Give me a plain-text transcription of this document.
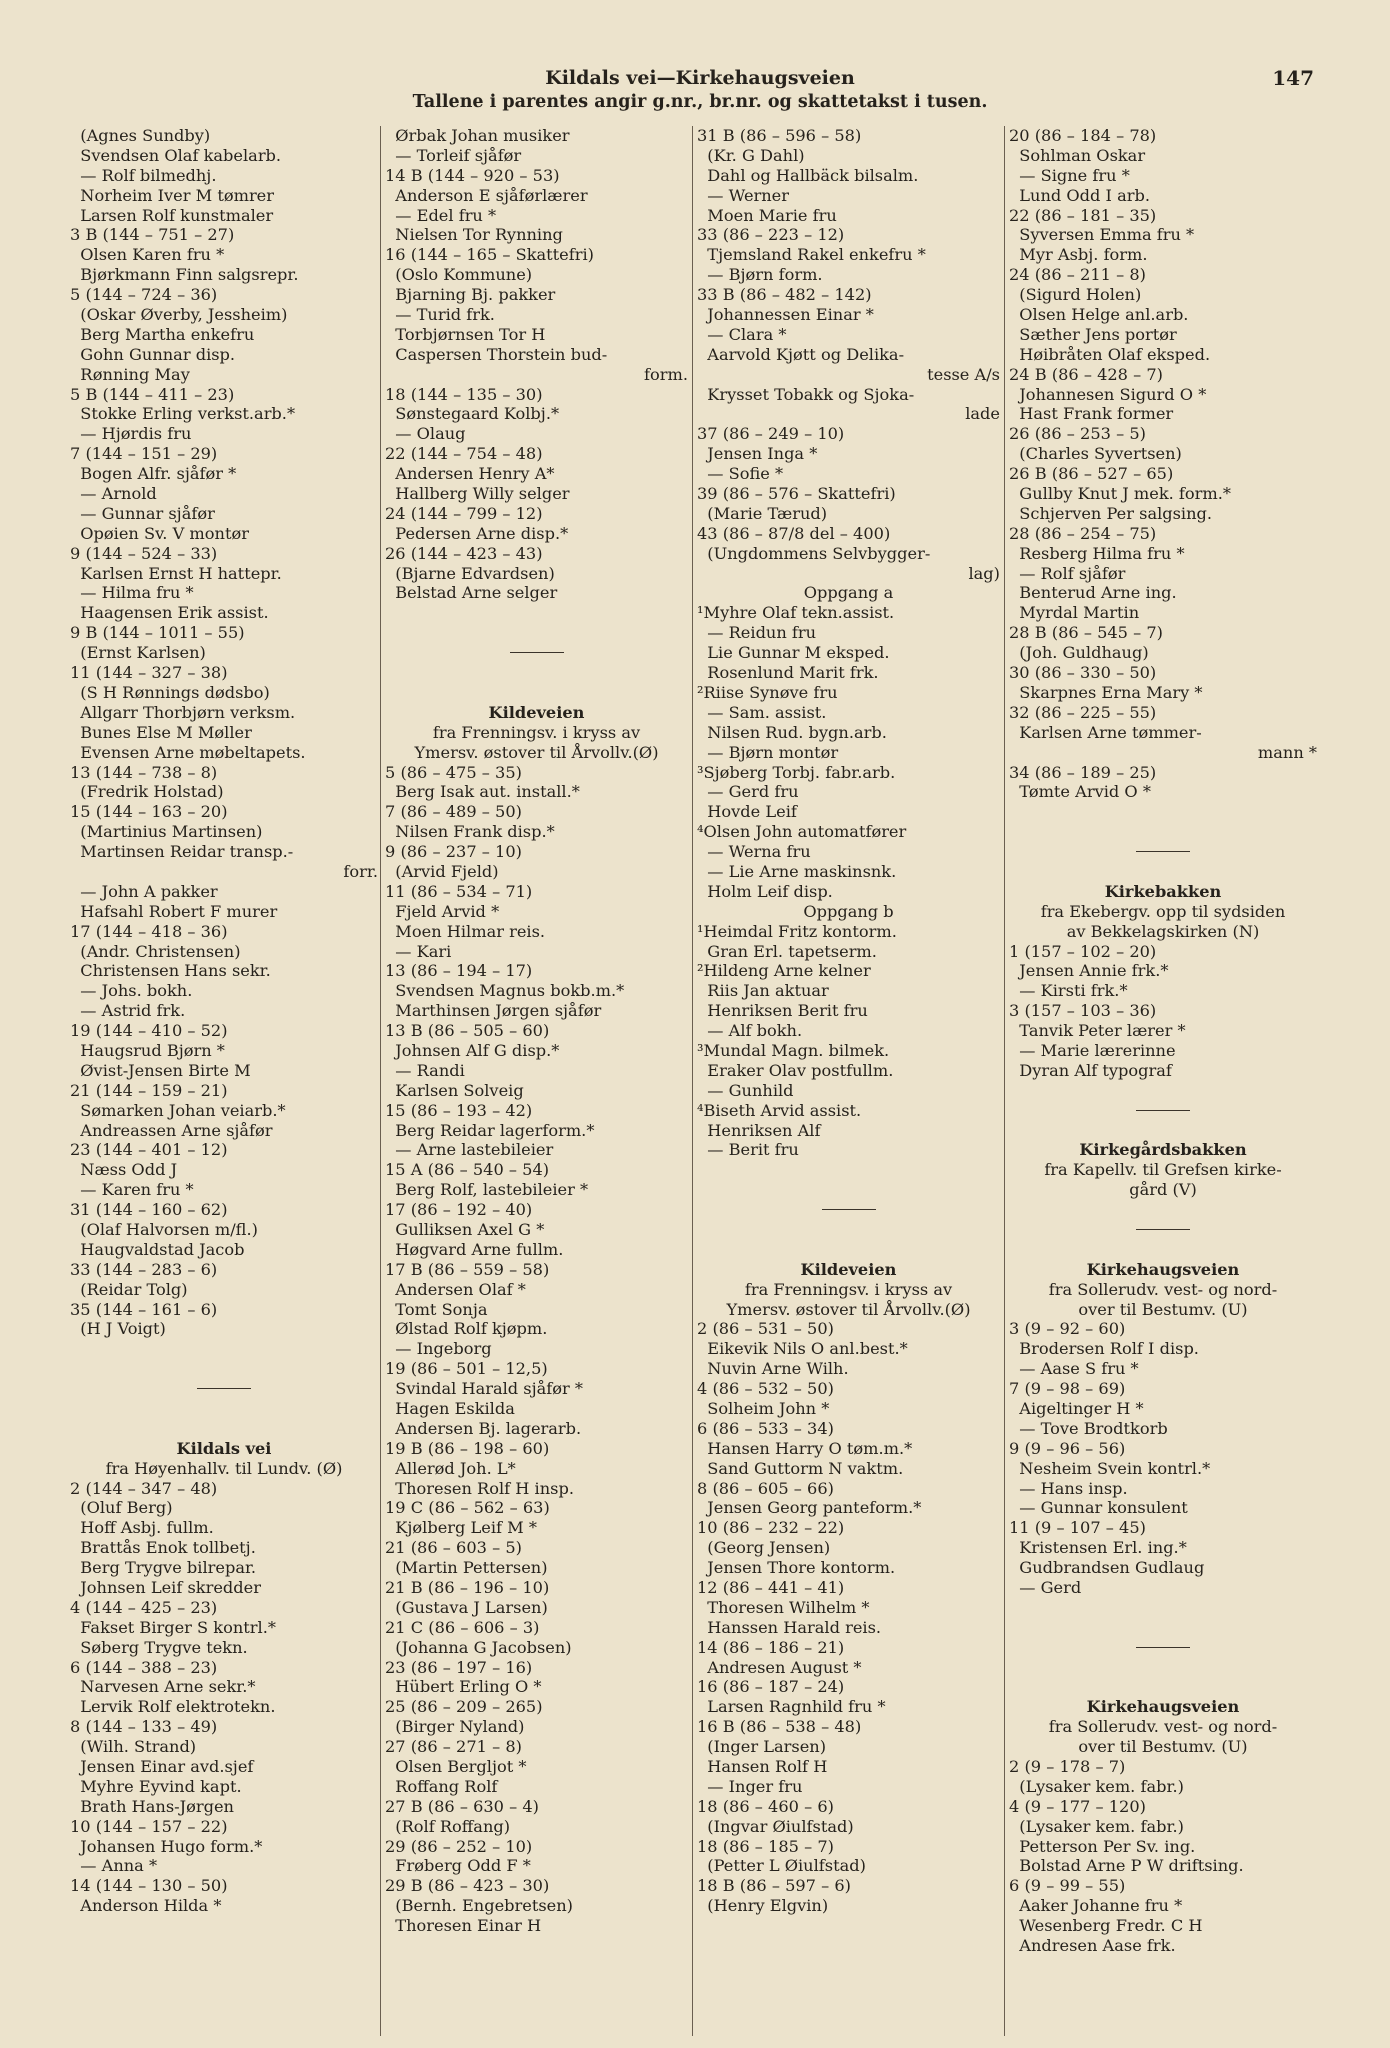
Kildals vei—Kirkehaugsveien
Tallene i parentes angir g.nr., br.nr. og skattetakst i tusen.
147
(Agnes Sundby)
Svendsen Olaf kabelarb.
— Rolf bilmedhj.
Norheim Iver M tømrer
Larsen Rolf kunstmaler
3 B (144 – 751 – 27)
Olsen Karen fru *
Bjørkmann Finn salgsrepr.
5 (144 – 724 – 36)
(Oskar Øverby, Jessheim)
Berg Martha enkefru
Gohn Gunnar disp.
Rønning May
5 B (144 – 411 – 23)
Stokke Erling verkst.arb.*
— Hjørdis fru
7 (144 – 151 – 29)
Bogen Alfr. sjåfør *
— Arnold
— Gunnar sjåfør
Opøien Sv. V montør
9 (144 – 524 – 33)
Karlsen Ernst H hattepr.
— Hilma fru *
Haagensen Erik assist.
9 B (144 – 1011 – 55)
(Ernst Karlsen)
11 (144 – 327 – 38)
(S H Rønnings dødsbo)
Allgarr Thorbjørn verksm.
Bunes Else M Møller
Evensen Arne møbeltapets.
13 (144 – 738 – 8)
(Fredrik Holstad)
15 (144 – 163 – 20)
(Martinius Martinsen)
Martinsen Reidar transp.-
forr.
— John A pakker
Hafsahl Robert F murer
17 (144 – 418 – 36)
(Andr. Christensen)
Christensen Hans sekr.
— Johs. bokh.
— Astrid frk.
19 (144 – 410 – 52)
Haugsrud Bjørn *
Øvist-Jensen Birte M
21 (144 – 159 – 21)
Sømarken Johan veiarb.*
Andreassen Arne sjåfør
23 (144 – 401 – 12)
Næss Odd J
— Karen fru *
31 (144 – 160 – 62)
(Olaf Halvorsen m/fl.)
Haugvaldstad Jacob
33 (144 – 283 – 6)
(Reidar Tolg)
35 (144 – 161 – 6)
(H J Voigt)
Kildals vei
fra Høyenhallv. til Lundv. (Ø)
2 (144 – 347 – 48)
(Oluf Berg)
Hoff Asbj. fullm.
Brattås Enok tollbetj.
Berg Trygve bilrepar.
Johnsen Leif skredder
4 (144 – 425 – 23)
Fakset Birger S kontrl.*
Søberg Trygve tekn.
6 (144 – 388 – 23)
Narvesen Arne sekr.*
Lervik Rolf elektrotekn.
8 (144 – 133 – 49)
(Wilh. Strand)
Jensen Einar avd.sjef
Myhre Eyvind kapt.
Brath Hans-Jørgen
10 (144 – 157 – 22)
Johansen Hugo form.*
— Anna *
14 (144 – 130 – 50)
Anderson Hilda *
Ørbak Johan musiker
— Torleif sjåfør
14 B (144 – 920 – 53)
Anderson E sjåførlærer
— Edel fru *
Nielsen Tor Rynning
16 (144 – 165 – Skattefri)
(Oslo Kommune)
Bjarning Bj. pakker
— Turid frk.
Torbjørnsen Tor H
Caspersen Thorstein bud-
form.
18 (144 – 135 – 30)
Sønstegaard Kolbj.*
— Olaug
22 (144 – 754 – 48)
Andersen Henry A*
Hallberg Willy selger
24 (144 – 799 – 12)
Pedersen Arne disp.*
26 (144 – 423 – 43)
(Bjarne Edvardsen)
Belstad Arne selger
Kildeveien
fra Frenningsv. i kryss av
Ymersv. østover til Årvollv.(Ø)
5 (86 – 475 – 35)
Berg Isak aut. install.*
7 (86 – 489 – 50)
Nilsen Frank disp.*
9 (86 – 237 – 10)
(Arvid Fjeld)
11 (86 – 534 – 71)
Fjeld Arvid *
Moen Hilmar reis.
— Kari
13 (86 – 194 – 17)
Svendsen Magnus bokb.m.*
Marthinsen Jørgen sjåfør
13 B (86 – 505 – 60)
Johnsen Alf G disp.*
— Randi
Karlsen Solveig
15 (86 – 193 – 42)
Berg Reidar lagerform.*
— Arne lastebileier
15 A (86 – 540 – 54)
Berg Rolf, lastebileier *
17 (86 – 192 – 40)
Gulliksen Axel G *
Høgvard Arne fullm.
17 B (86 – 559 – 58)
Andersen Olaf *
Tomt Sonja
Ølstad Rolf kjøpm.
— Ingeborg
19 (86 – 501 – 12,5)
Svindal Harald sjåfør *
Hagen Eskilda
Andersen Bj. lagerarb.
19 B (86 – 198 – 60)
Allerød Joh. L*
Thoresen Rolf H insp.
19 C (86 – 562 – 63)
Kjølberg Leif M *
21 (86 – 603 – 5)
(Martin Pettersen)
21 B (86 – 196 – 10)
(Gustava J Larsen)
21 C (86 – 606 – 3)
(Johanna G Jacobsen)
23 (86 – 197 – 16)
Hübert Erling O *
25 (86 – 209 – 265)
(Birger Nyland)
27 (86 – 271 – 8)
Olsen Bergljot *
Roffang Rolf
27 B (86 – 630 – 4)
(Rolf Roffang)
29 (86 – 252 – 10)
Frøberg Odd F *
29 B (86 – 423 – 30)
(Bernh. Engebretsen)
Thoresen Einar H
31 B (86 – 596 – 58)
(Kr. G Dahl)
Dahl og Hallbäck bilsalm.
— Werner
Moen Marie fru
33 (86 – 223 – 12)
Tjemsland Rakel enkefru *
— Bjørn form.
33 B (86 – 482 – 142)
Johannessen Einar *
— Clara *
Aarvold Kjøtt og Delika-
tesse A/s
Krysset Tobakk og Sjoka-
lade
37 (86 – 249 – 10)
Jensen Inga *
— Sofie *
39 (86 – 576 – Skattefri)
(Marie Tærud)
43 (86 – 87/8 del – 400)
(Ungdommens Selvbygger-
lag)
Oppgang a
¹Myhre Olaf tekn.assist.
— Reidun fru
Lie Gunnar M eksped.
Rosenlund Marit frk.
²Riise Synøve fru
— Sam. assist.
Nilsen Rud. bygn.arb.
— Bjørn montør
³Sjøberg Torbj. fabr.arb.
— Gerd fru
Hovde Leif
⁴Olsen John automatfører
— Werna fru
— Lie Arne maskinsnk.
Holm Leif disp.
Oppgang b
¹Heimdal Fritz kontorm.
Gran Erl. tapetserm.
²Hildeng Arne kelner
Riis Jan aktuar
Henriksen Berit fru
— Alf bokh.
³Mundal Magn. bilmek.
Eraker Olav postfullm.
— Gunhild
⁴Biseth Arvid assist.
Henriksen Alf
— Berit fru
Kildeveien
fra Frenningsv. i kryss av
Ymersv. østover til Årvollv.(Ø)
2 (86 – 531 – 50)
Eikevik Nils O anl.best.*
Nuvin Arne Wilh.
4 (86 – 532 – 50)
Solheim John *
6 (86 – 533 – 34)
Hansen Harry O tøm.m.*
Sand Guttorm N vaktm.
8 (86 – 605 – 66)
Jensen Georg panteform.*
10 (86 – 232 – 22)
(Georg Jensen)
Jensen Thore kontorm.
12 (86 – 441 – 41)
Thoresen Wilhelm *
Hanssen Harald reis.
14 (86 – 186 – 21)
Andresen August *
16 (86 – 187 – 24)
Larsen Ragnhild fru *
16 B (86 – 538 – 48)
(Inger Larsen)
Hansen Rolf H
— Inger fru
18 (86 – 460 – 6)
(Ingvar Øiulfstad)
18 (86 – 185 – 7)
(Petter L Øiulfstad)
18 B (86 – 597 – 6)
(Henry Elgvin)
20 (86 – 184 – 78)
Sohlman Oskar
— Signe fru *
Lund Odd I arb.
22 (86 – 181 – 35)
Syversen Emma fru *
Myr Asbj. form.
24 (86 – 211 – 8)
(Sigurd Holen)
Olsen Helge anl.arb.
Sæther Jens portør
Høibråten Olaf eksped.
24 B (86 – 428 – 7)
Johannesen Sigurd O *
Hast Frank former
26 (86 – 253 – 5)
(Charles Syvertsen)
26 B (86 – 527 – 65)
Gullby Knut J mek. form.*
Schjerven Per salgsing.
28 (86 – 254 – 75)
Resberg Hilma fru *
— Rolf sjåfør
Benterud Arne ing.
Myrdal Martin
28 B (86 – 545 – 7)
(Joh. Guldhaug)
30 (86 – 330 – 50)
Skarpnes Erna Mary *
32 (86 – 225 – 55)
Karlsen Arne tømmer-
mann *
34 (86 – 189 – 25)
Tømte Arvid O *
Kirkebakken
fra Ekebergv. opp til sydsiden
av Bekkelagskirken (N)
1 (157 – 102 – 20)
Jensen Annie frk.*
— Kirsti frk.*
3 (157 – 103 – 36)
Tanvik Peter lærer *
— Marie lærerinne
Dyran Alf typograf
Kirkegårdsbakken
fra Kapellv. til Grefsen kirke-
gård (V)
Kirkehaugsveien
fra Sollerudv. vest- og nord-
over til Bestumv. (U)
3 (9 – 92 – 60)
Brodersen Rolf I disp.
— Aase S fru *
7 (9 – 98 – 69)
Aigeltinger H *
— Tove Brodtkorb
9 (9 – 96 – 56)
Nesheim Svein kontrl.*
— Hans insp.
— Gunnar konsulent
11 (9 – 107 – 45)
Kristensen Erl. ing.*
Gudbrandsen Gudlaug
— Gerd
Kirkehaugsveien
fra Sollerudv. vest- og nord-
over til Bestumv. (U)
2 (9 – 178 – 7)
(Lysaker kem. fabr.)
4 (9 – 177 – 120)
(Lysaker kem. fabr.)
Petterson Per Sv. ing.
Bolstad Arne P W driftsing.
6 (9 – 99 – 55)
Aaker Johanne fru *
Wesenberg Fredr. C H
Andresen Aase frk.
